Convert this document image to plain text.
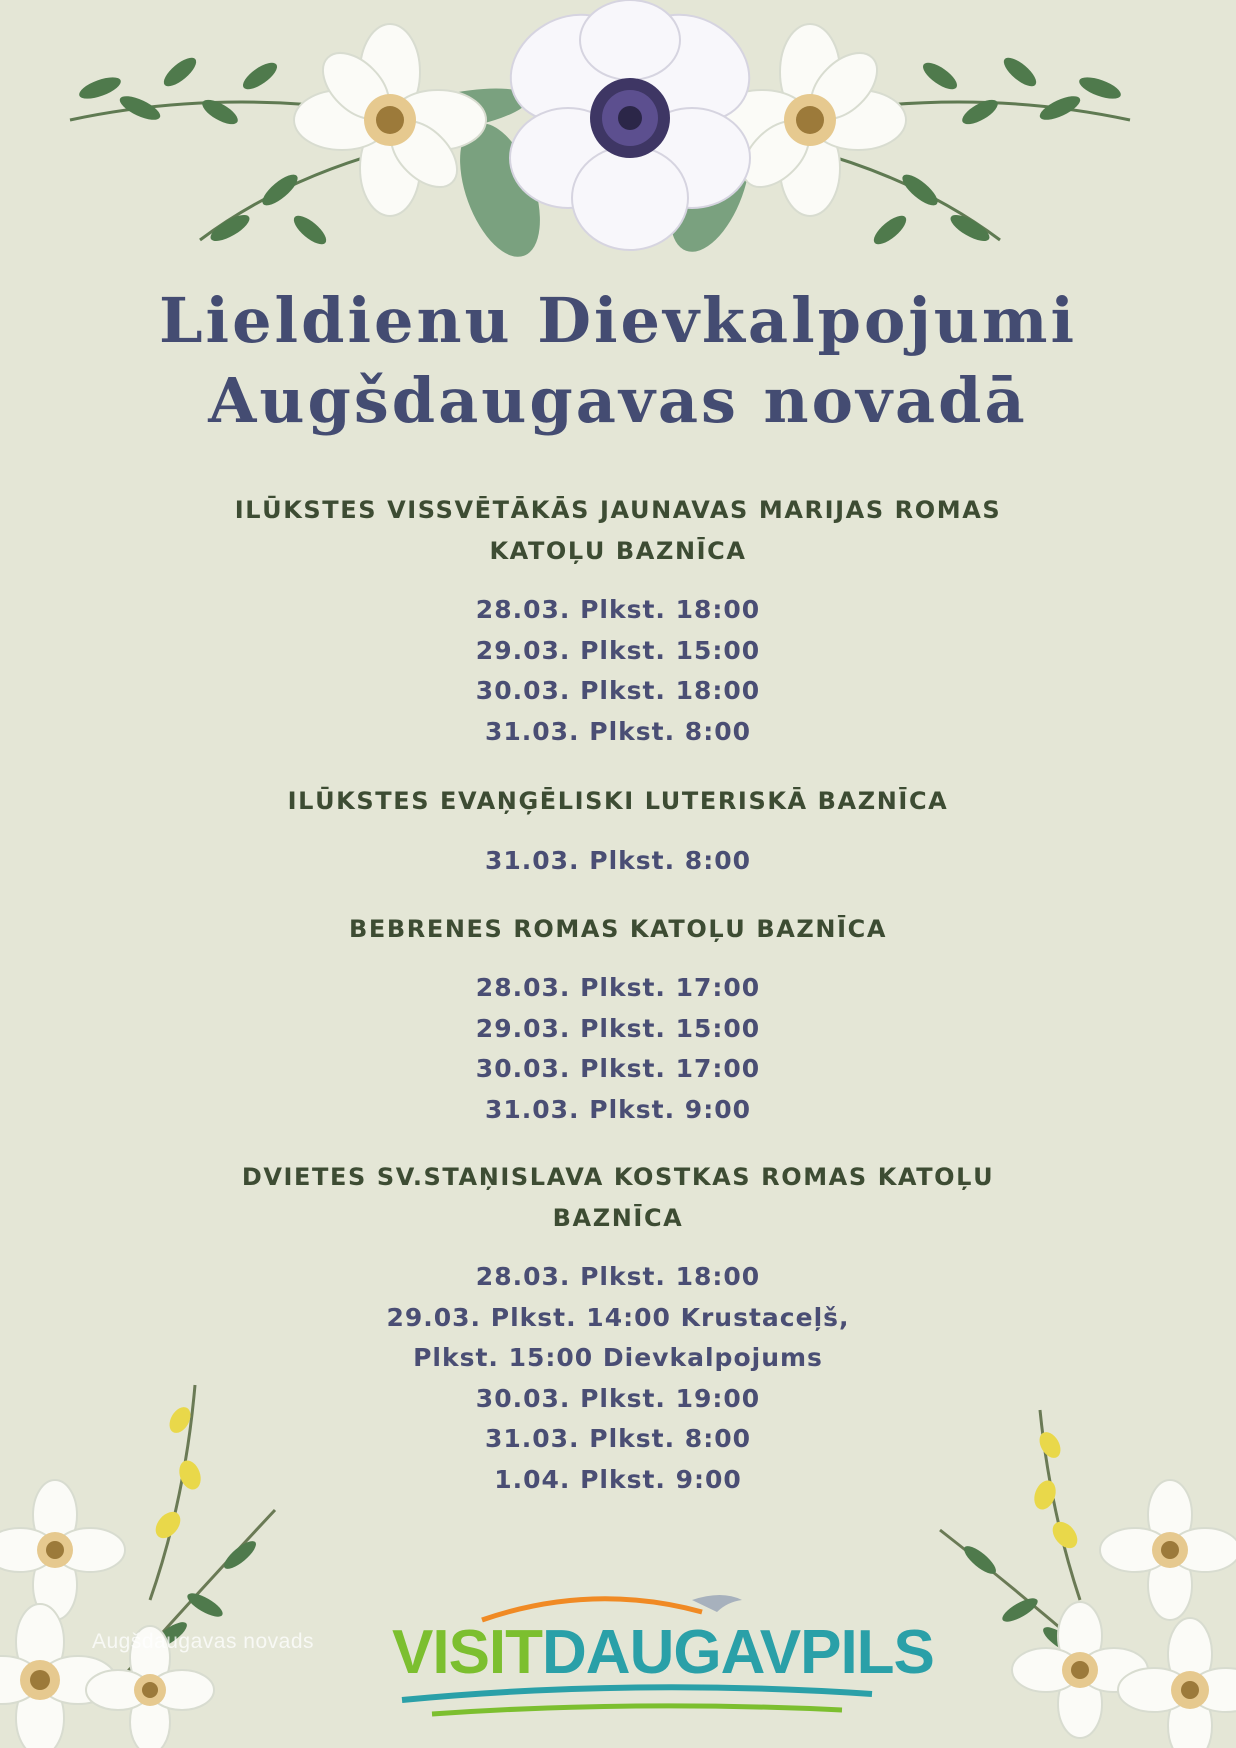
Lieldienu Dievkalpojumi
Augšdaugavas novadā
ILŪKSTES VISSVĒTĀKĀS JAUNAVAS MARIJAS ROMAS
KATOĻU BAZNĪCA
28.03. Plkst. 18:00
29.03. Plkst. 15:00
30.03. Plkst. 18:00
31.03. Plkst. 8:00
ILŪKSTES EVAŅĢĒLISKI LUTERISKĀ BAZNĪCA
31.03. Plkst. 8:00
BEBRENES ROMAS KATOĻU BAZNĪCA
28.03. Plkst. 17:00
29.03. Plkst. 15:00
30.03. Plkst. 17:00
31.03. Plkst. 9:00
DVIETES SV.STAŅISLAVA KOSTKAS ROMAS KATOĻU
BAZNĪCA
28.03. Plkst. 18:00
29.03. Plkst. 14:00 Krustaceļš,
Plkst. 15:00 Dievkalpojums
30.03. Plkst. 19:00
31.03. Plkst. 8:00
1.04. Plkst. 9:00
Augšdaugavas novads VISITDAUGAVPILS
